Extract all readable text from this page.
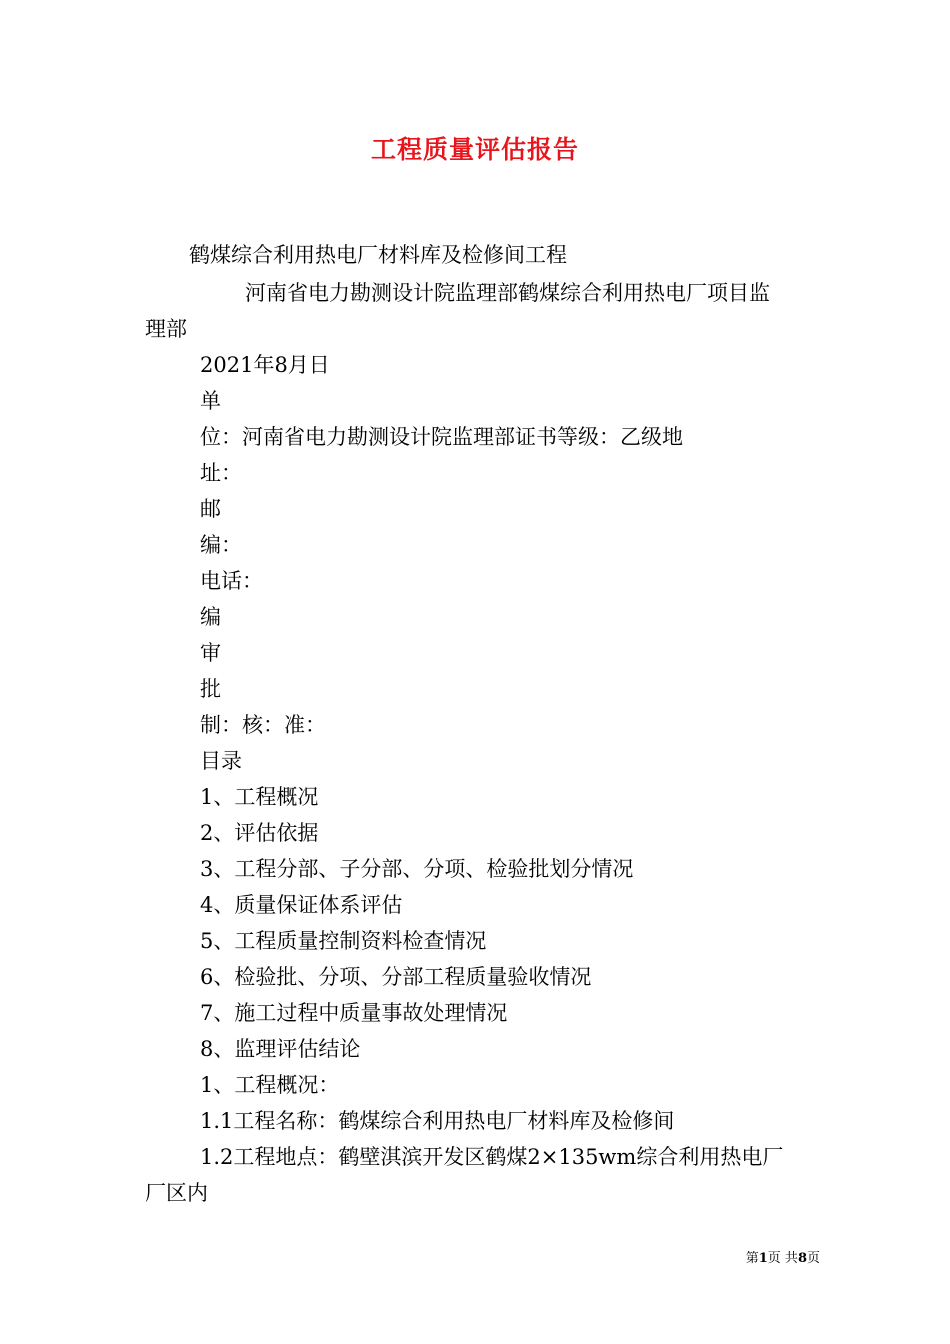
工程质量评估报告
鹤煤综合利用热电厂材料库及检修间工程
河南省电力勘测设计院监理部鹤煤综合利用热电厂项目监
理部
2021年8月日
单
位：河南省电力勘测设计院监理部证书等级：乙级地
址：
邮
编：
电话：
编
审
批
制：核：准：
目录
1、工程概况
2、评估依据
3、工程分部、子分部、分项、检验批划分情况
4、质量保证体系评估
5、工程质量控制资料检查情况
6、检验批、分项、分部工程质量验收情况
7、施工过程中质量事故处理情况
8、监理评估结论
1、工程概况：
1.1工程名称：鹤煤综合利用热电厂材料库及检修间
1.2工程地点：鹤壁淇滨开发区鹤煤2×135wm综合利用热电厂
厂区内
第1页 共8页
